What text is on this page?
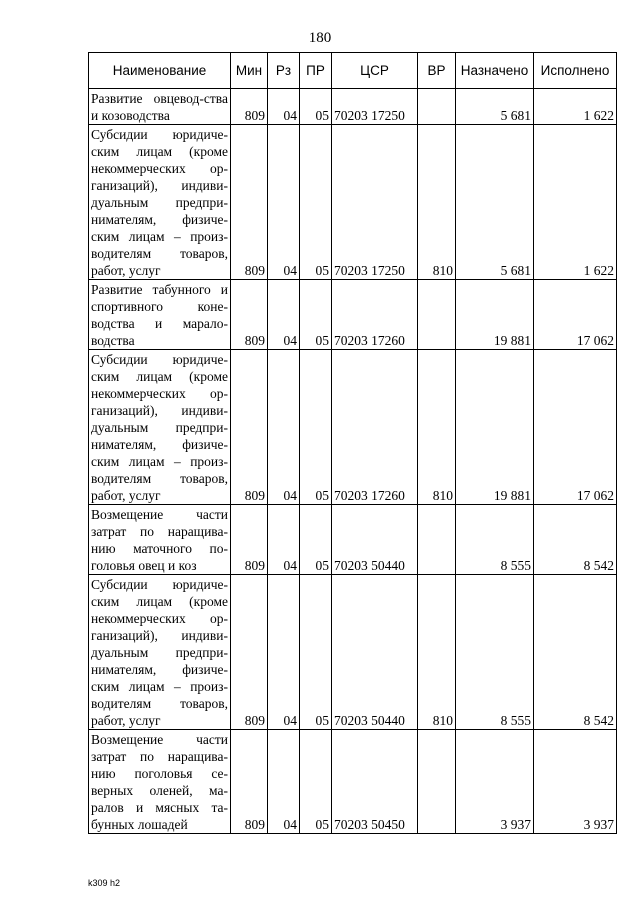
180
Наименование	Мин	Рз	ПР	ЦСР	ВР	Назначено	Исполнено
Развитие овцевод-ства и козоводства	809	04	05	70203 17250		5 681	1 622
Субсидии юридиче-ским лицам (кроме некоммерческих ор-ганизаций), индиви-дуальным предпри-нимателям, физиче-ским лицам – произ-водителям товаров, работ, услуг	809	04	05	70203 17250	810	5 681	1 622
Развитие табунного и спортивного коне-водства и марало-водства	809	04	05	70203 17260		19 881	17 062
Субсидии юридиче-ским лицам (кроме некоммерческих ор-ганизаций), индиви-дуальным предпри-нимателям, физиче-ским лицам – произ-водителям товаров, работ, услуг	809	04	05	70203 17260	810	19 881	17 062
Возмещение части затрат по наращива-нию маточного по-головья овец и коз	809	04	05	70203 50440		8 555	8 542
Субсидии юридиче-ским лицам (кроме некоммерческих ор-ганизаций), индиви-дуальным предпри-нимателям, физиче-ским лицам – произ-водителям товаров, работ, услуг	809	04	05	70203 50440	810	8 555	8 542
Возмещение части затрат по наращива-нию поголовья се-верных оленей, ма-ралов и мясных та-бунных лошадей	809	04	05	70203 50450		3 937	3 937
k309 h2
